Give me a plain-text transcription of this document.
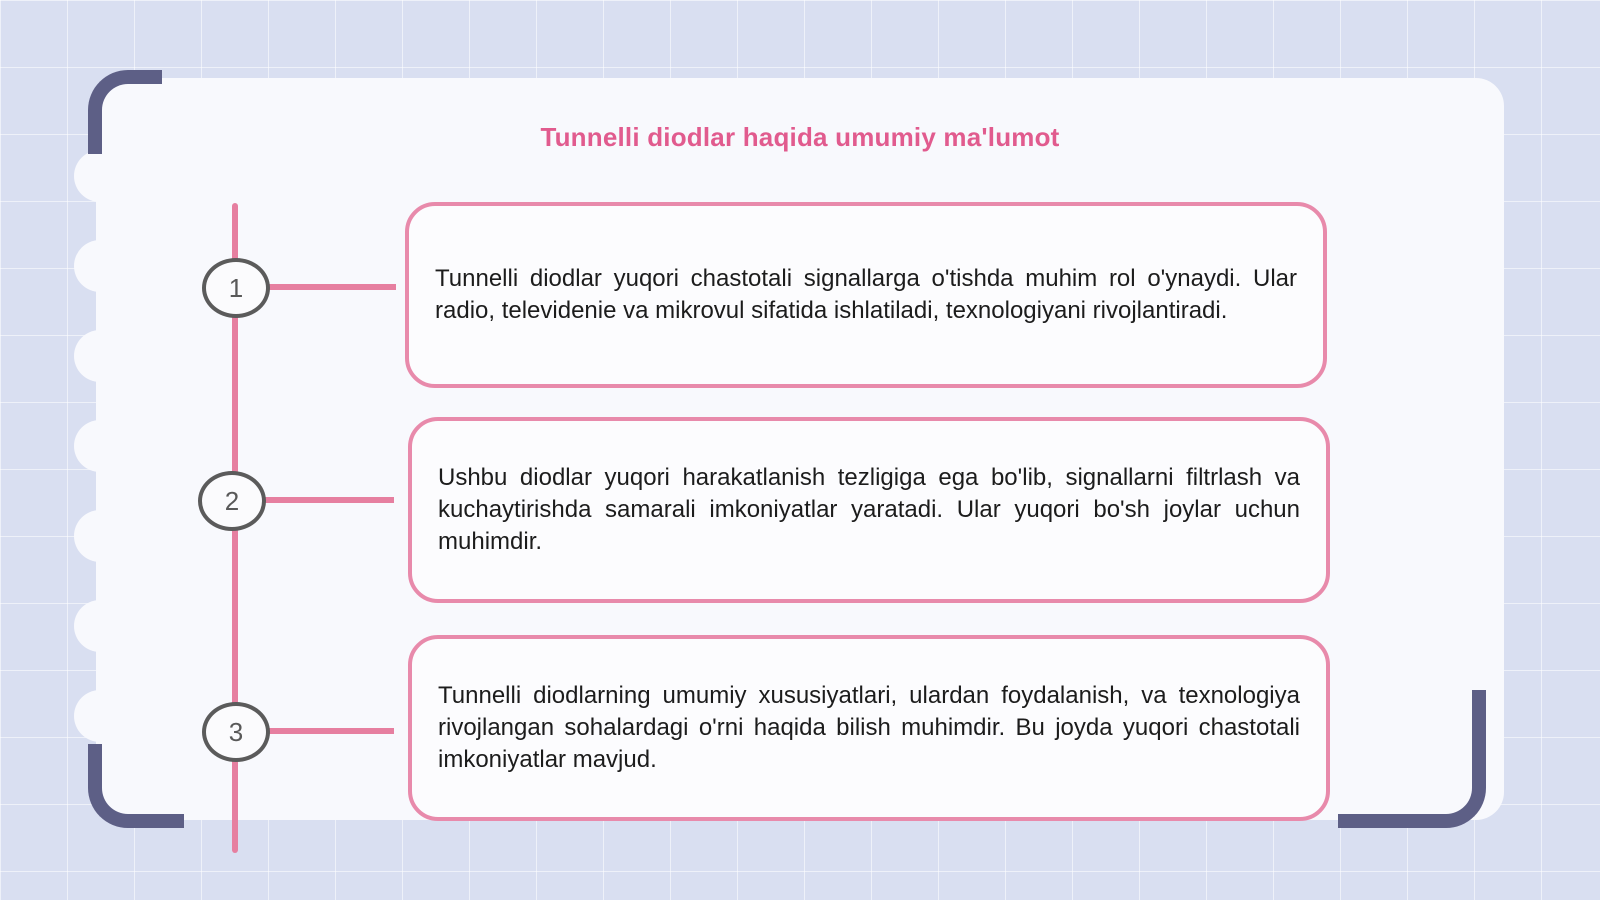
Tunnelli diodlar haqida umumiy ma'lumot
1	Tunnelli diodlar yuqori chastotali signallarga o'tishda muhim rol o'ynaydi. Ular radio, televidenie va mikrovul sifatida ishlatiladi, texnologiyani rivojlantiradi.
2
Ushbu diodlar yuqori harakatlanish tezligiga ega bo'lib, signallarni filtrlash va kuchaytirishda samarali imkoniyatlar yaratadi. Ular yuqori bo'sh joylar uchun muhimdir.
3
Tunnelli diodlarning umumiy xususiyatlari, ulardan foydalanish, va texnologiya rivojlangan sohalardagi o'rni haqida bilish muhimdir. Bu joyda yuqori chastotali imkoniyatlar mavjud.
